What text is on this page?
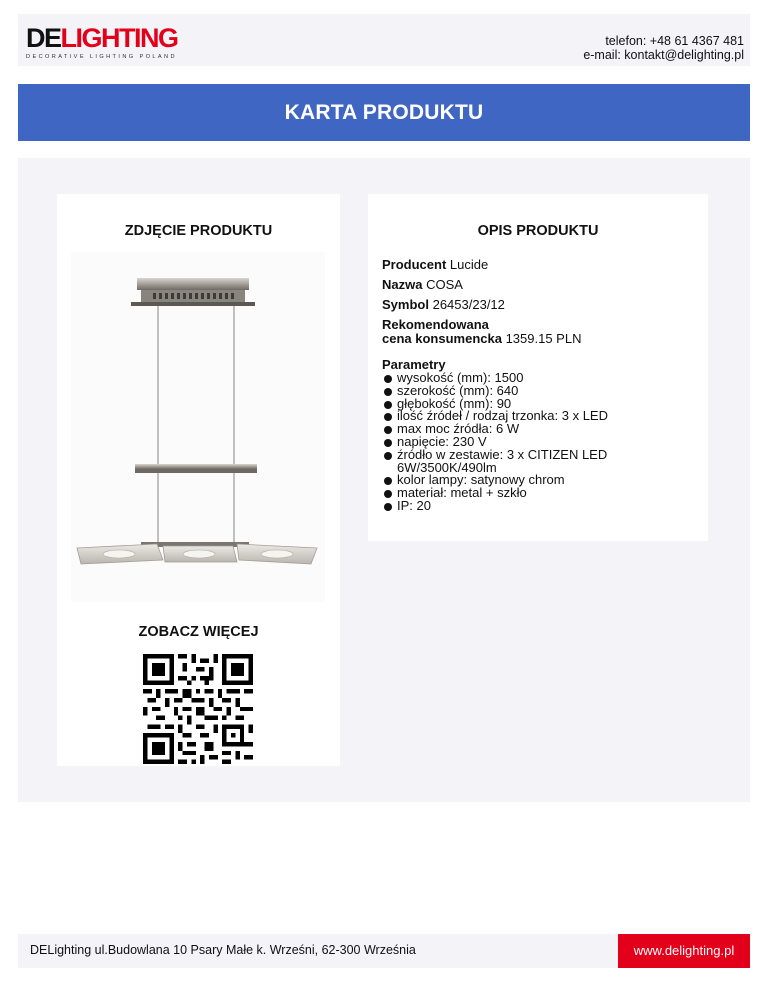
DELIGHTING
DECORATIVE LIGHTING POLAND
telefon: +48 61 4367 481
e-mail: kontakt@delighting.pl
KARTA PRODUKTU
ZDJĘCIE PRODUKTU
ZOBACZ WIĘCEJ
OPIS PRODUKTU
Producent Lucide
Nazwa COSA
Symbol 26453/23/12
Rekomendowana
cena konsumencka 1359.15 PLN
Parametry
wysokość (mm): 1500
szerokość (mm): 640
głębokość (mm): 90
ilość źródeł / rodzaj trzonka: 3 x LED
max moc źródła: 6 W
napięcie: 230 V
źródło w zestawie: 3 x CITIZEN LED 6W/3500K/490lm
kolor lampy: satynowy chrom
materiał: metal + szkło
IP: 20
DELighting ul.Budowlana 10 Psary Małe k. Wrześni, 62-300 Września	www.delighting.pl
